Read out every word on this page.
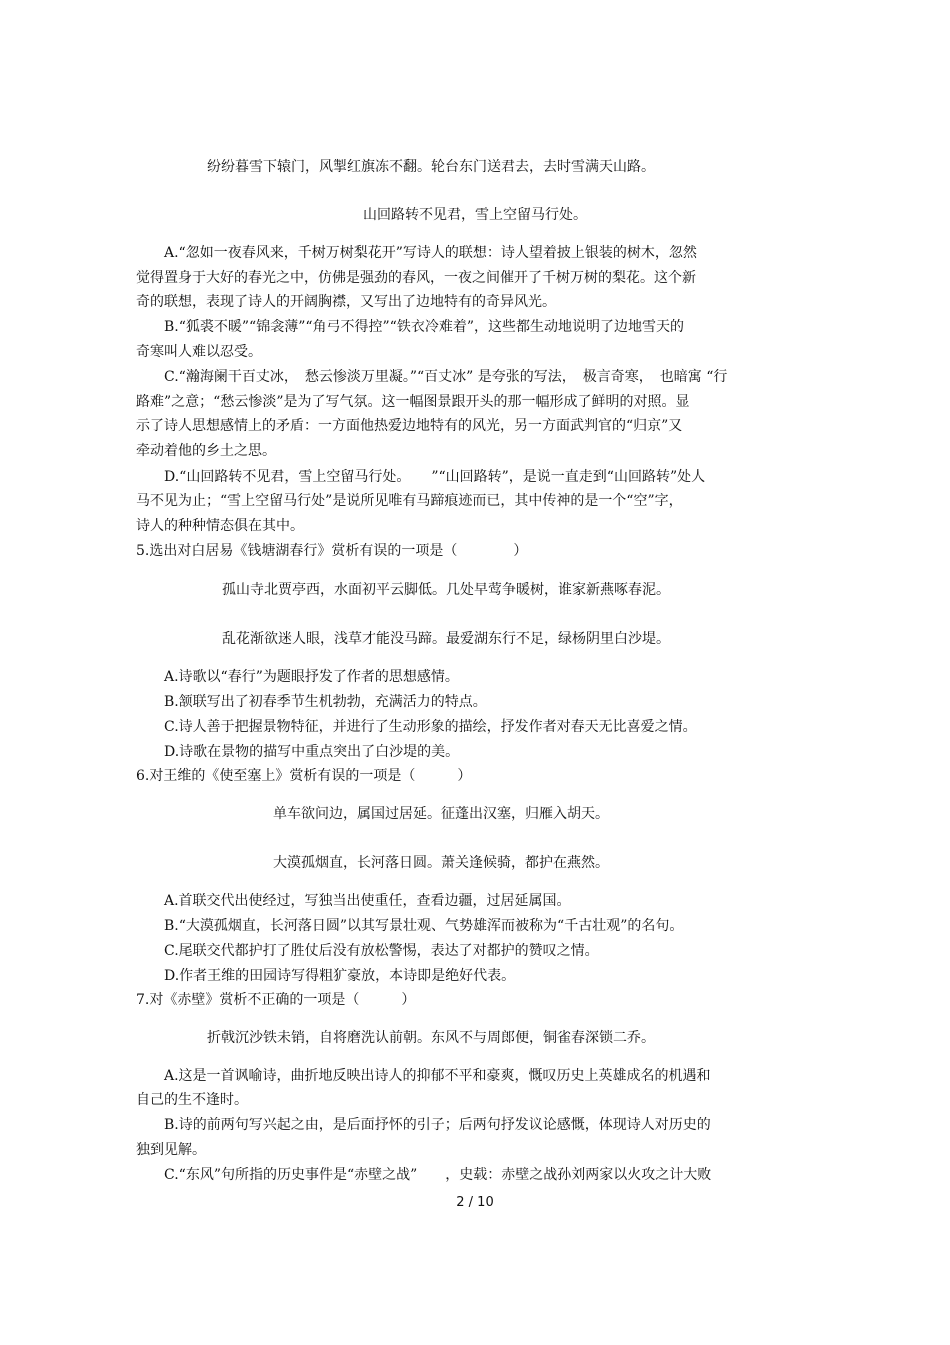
纷纷暮雪下辕门，风掣红旗冻不翻。轮台东门送君去，去时雪满天山路。
山回路转不见君，雪上空留马行处。
A.“忽如一夜春风来，千树万树梨花开”写诗人的联想：诗人望着披上银装的树木，忽然
觉得置身于大好的春光之中，仿佛是强劲的春风，一夜之间催开了千树万树的梨花。这个新
奇的联想，表现了诗人的开阔胸襟，又写出了边地特有的奇异风光。
B.“狐裘不暖”“锦衾薄”“角弓不得控”“铁衣冷难着”，这些都生动地说明了边地雪天的
奇寒叫人难以忍受。
C.“瀚海阑干百丈冰，　愁云惨淡万里凝。”“百丈冰” 是夸张的写法，　极言奇寒，　也暗寓 “行
路难”之意；“愁云惨淡”是为了写气氛。这一幅图景跟开头的那一幅形成了鲜明的对照。显
示了诗人思想感情上的矛盾：一方面他热爱边地特有的风光，另一方面武判官的“归京”又
牵动着他的乡土之思。
D.“山回路转不见君，雪上空留马行处。　　”“山回路转”，是说一直走到“山回路转”处人
马不见为止；“雪上空留马行处”是说所见唯有马蹄痕迹而已，其中传神的是一个“空”字，
诗人的种种情态俱在其中。
5.选出对白居易《钱塘湖春行》赏析有误的一项是（　　　　）
孤山寺北贾亭西，水面初平云脚低。几处早莺争暖树，谁家新燕啄春泥。
乱花渐欲迷人眼，浅草才能没马蹄。最爱湖东行不足，绿杨阴里白沙堤。
A.诗歌以“春行”为题眼抒发了作者的思想感情。
B.颔联写出了初春季节生机勃勃，充满活力的特点。
C.诗人善于把握景物特征，并进行了生动形象的描绘，抒发作者对春天无比喜爱之情。
D.诗歌在景物的描写中重点突出了白沙堤的美。
6.对王维的《使至塞上》赏析有误的一项是（　　　）
单车欲问边，属国过居延。征蓬出汉塞，归雁入胡天。
大漠孤烟直，长河落日圆。萧关逢候骑，都护在燕然。
A.首联交代出使经过，写独当出使重任，查看边疆，过居延属国。
B.“大漠孤烟直，长河落日圆”以其写景壮观、气势雄浑而被称为“千古壮观”的名句。
C.尾联交代都护打了胜仗后没有放松警惕，表达了对都护的赞叹之情。
D.作者王维的田园诗写得粗犷豪放，本诗即是绝好代表。
7.对《赤壁》赏析不正确的一项是（　　　）
折戟沉沙铁未销，自将磨洗认前朝。东风不与周郎便，铜雀春深锁二乔。
A.这是一首讽喻诗，曲折地反映出诗人的抑郁不平和豪爽，慨叹历史上英雄成名的机遇和
自己的生不逢时。
B.诗的前两句写兴起之由，是后面抒怀的引子；后两句抒发议论感慨，体现诗人对历史的
独到见解。
C.“东风”句所指的历史事件是“赤壁之战”　　，史载：赤壁之战孙刘两家以火攻之计大败
2 / 10
